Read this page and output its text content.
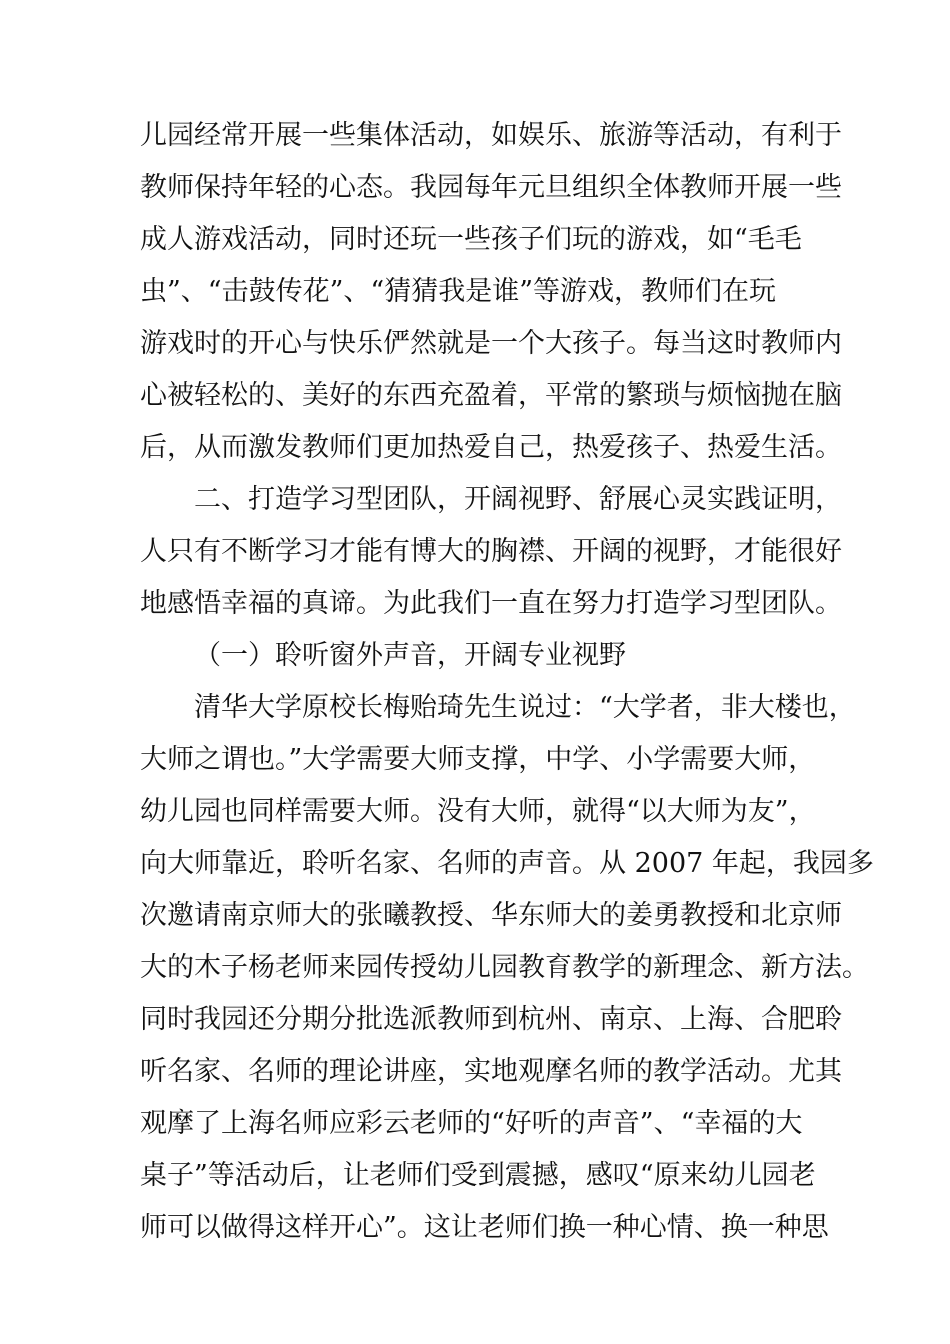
儿园经常开展一些集体活动，如娱乐、旅游等活动，有利于
教师保持年轻的心态。我园每年元旦组织全体教师开展一些
成人游戏活动，同时还玩一些孩子们玩的游戏，如“毛毛
虫”、“击鼓传花”、“猜猜我是谁”等游戏，教师们在玩
游戏时的开心与快乐俨然就是一个大孩子。每当这时教师内
心被轻松的、美好的东西充盈着，平常的繁琐与烦恼抛在脑
后，从而激发教师们更加热爱自己，热爱孩子、热爱生活。
二、打造学习型团队，开阔视野、舒展心灵实践证明，
人只有不断学习才能有博大的胸襟、开阔的视野，才能很好
地感悟幸福的真谛。为此我们一直在努力打造学习型团队。
（一）聆听窗外声音，开阔专业视野
清华大学原校长梅贻琦先生说过：“大学者，非大楼也，
大师之谓也。”大学需要大师支撑，中学、小学需要大师，
幼儿园也同样需要大师。没有大师，就得“以大师为友”，
向大师靠近，聆听名家、名师的声音。从 2007 年起，我园多
次邀请南京师大的张曦教授、华东师大的姜勇教授和北京师
大的木子杨老师来园传授幼儿园教育教学的新理念、新方法。
同时我园还分期分批选派教师到杭州、南京、上海、合肥聆
听名家、名师的理论讲座，实地观摩名师的教学活动。尤其
观摩了上海名师应彩云老师的“好听的声音”、“幸福的大
桌子”等活动后，让老师们受到震撼，感叹“原来幼儿园老
师可以做得这样开心”。这让老师们换一种心情、换一种思
